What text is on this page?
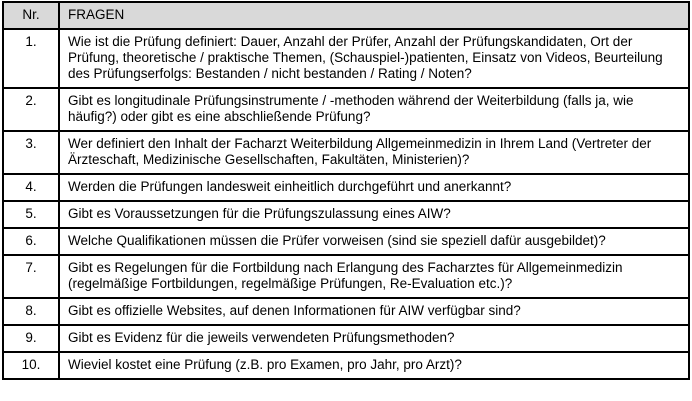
Nr.	FRAGEN
1.	Wie ist die Prüfung definiert: Dauer, Anzahl der Prüfer, Anzahl der Prüfungskandidaten, Ort der Prüfung, theoretische / praktische Themen, (Schauspiel-)patienten, Einsatz von Videos, Beurteilung des Prüfungserfolgs: Bestanden / nicht bestanden / Rating / Noten?
2.	Gibt es longitudinale Prüfungsinstrumente / -methoden während der Weiterbildung (falls ja, wie häufig?) oder gibt es eine abschließende Prüfung?
3.	Wer definiert den Inhalt der Facharzt Weiterbildung Allgemeinmedizin in Ihrem Land (Vertreter der Ärzteschaft, Medizinische Gesellschaften, Fakultäten, Ministerien)?
4.	Werden die Prüfungen landesweit einheitlich durchgeführt und anerkannt?
5.	Gibt es Voraussetzungen für die Prüfungszulassung eines AIW?
6.	Welche Qualifikationen müssen die Prüfer vorweisen (sind sie speziell dafür ausgebildet)?
7.	Gibt es Regelungen für die Fortbildung nach Erlangung des Facharztes für Allgemeinmedizin (regelmäßige Fortbildungen, regelmäßige Prüfungen, Re-Evaluation etc.)?
8.	Gibt es offizielle Websites, auf denen Informationen für AIW verfügbar sind?
9.	Gibt es Evidenz für die jeweils verwendeten Prüfungsmethoden?
10.	Wieviel kostet eine Prüfung (z.B. pro Examen, pro Jahr, pro Arzt)?
